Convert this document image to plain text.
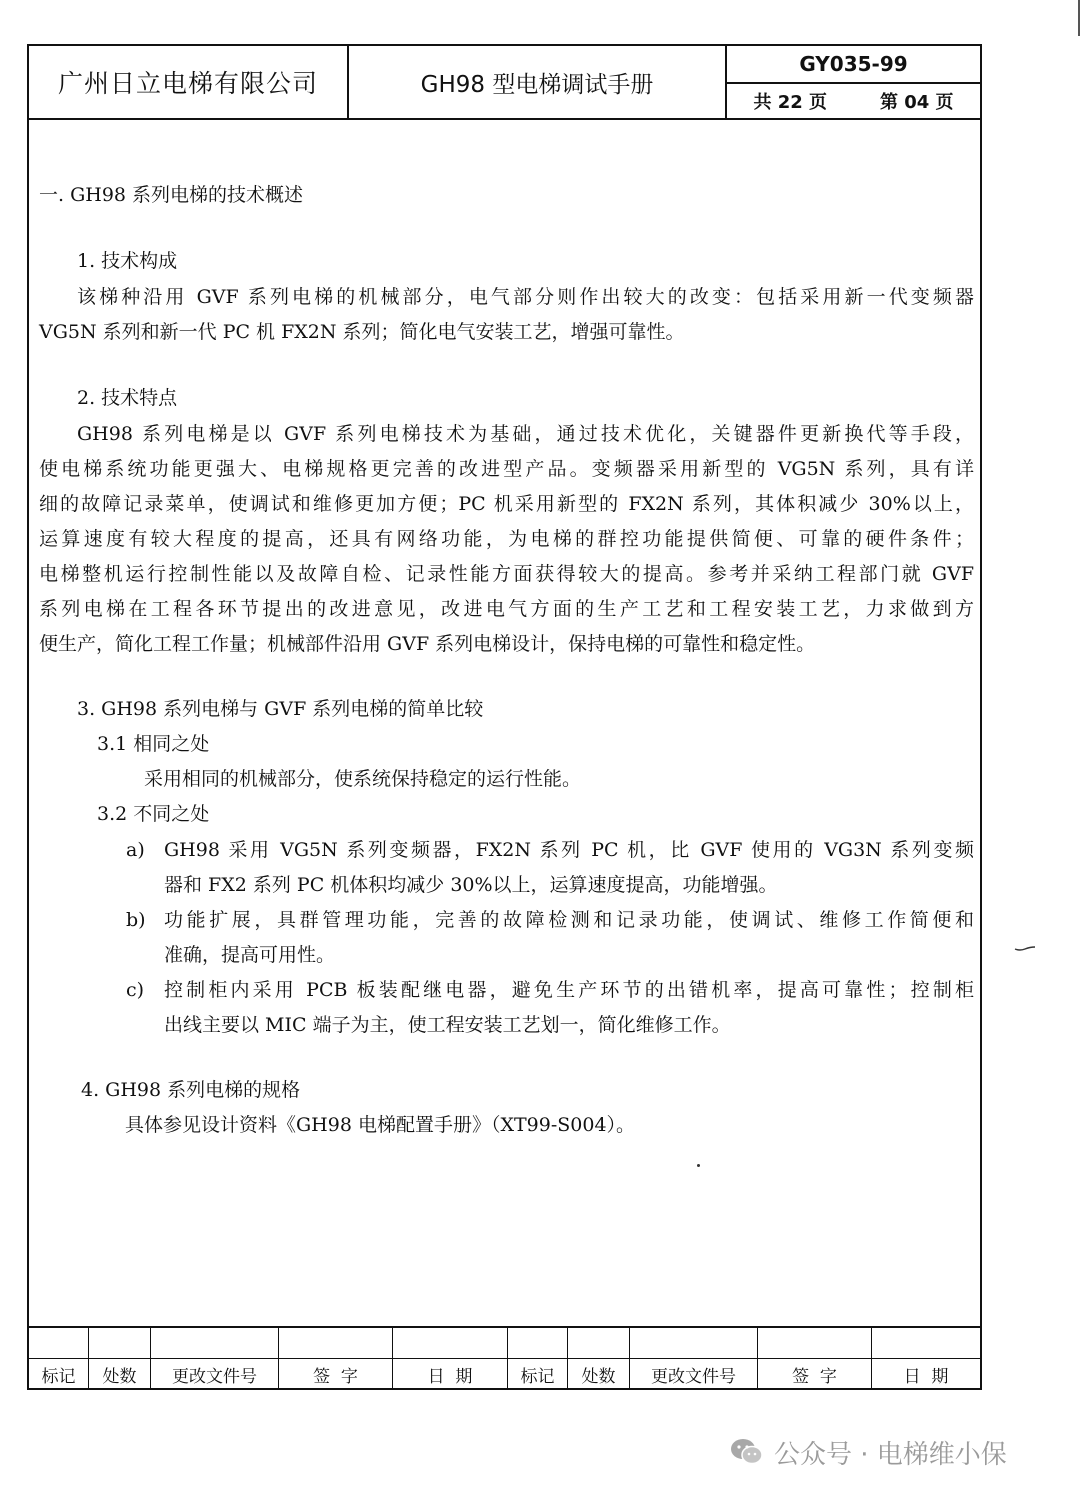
广州日立电梯有限公司	GH98 型电梯调试手册
GY035-99
共 22 页	第 04 页
一. GH98 系列电梯的技术概述
1. 技术构成
该梯种沿用 GVF 系列电梯的机械部分，电气部分则作出较大的改变：包括采用新一代变频器
VG5N 系列和新一代 PC 机 FX2N 系列；简化电气安装工艺，增强可靠性。
2. 技术特点
GH98 系列电梯是以 GVF 系列电梯技术为基础，通过技术优化，关键器件更新换代等手段，
使电梯系统功能更强大、电梯规格更完善的改进型产品。变频器采用新型的 VG5N 系列，具有详
细的故障记录菜单，使调试和维修更加方便；PC 机采用新型的 FX2N 系列，其体积减少 30%以上，
运算速度有较大程度的提高，还具有网络功能，为电梯的群控功能提供简便、可靠的硬件条件；
电梯整机运行控制性能以及故障自检、记录性能方面获得较大的提高。参考并采纳工程部门就 GVF
系列电梯在工程各环节提出的改进意见，改进电气方面的生产工艺和工程安装工艺，力求做到方
便生产，简化工程工作量；机械部件沿用 GVF 系列电梯设计，保持电梯的可靠性和稳定性。
3. GH98 系列电梯与 GVF 系列电梯的简单比较
3.1 相同之处
采用相同的机械部分，使系统保持稳定的运行性能。
3.2 不同之处
a) GH98 采用 VG5N 系列变频器，FX2N 系列 PC 机，比 GVF 使用的 VG3N 系列变频
器和 FX2 系列 PC 机体积均减少 30%以上，运算速度提高，功能增强。
b) 功能扩展，具群管理功能，完善的故障检测和记录功能，使调试、维修工作简便和
准确，提高可用性。
c) 控制柜内采用 PCB 板装配继电器，避免生产环节的出错机率，提高可靠性；控制柜
出线主要以 MIC 端子为主，使工程安装工艺划一，简化维修工作。
4. GH98 系列电梯的规格
具体参见设计资料《GH98 电梯配置手册》（XT99-S004）。
标记	处数	更改文件号	签  字	日  期	标记	处数	更改文件号	签  字	日  期
公众号 · 电梯维小保
